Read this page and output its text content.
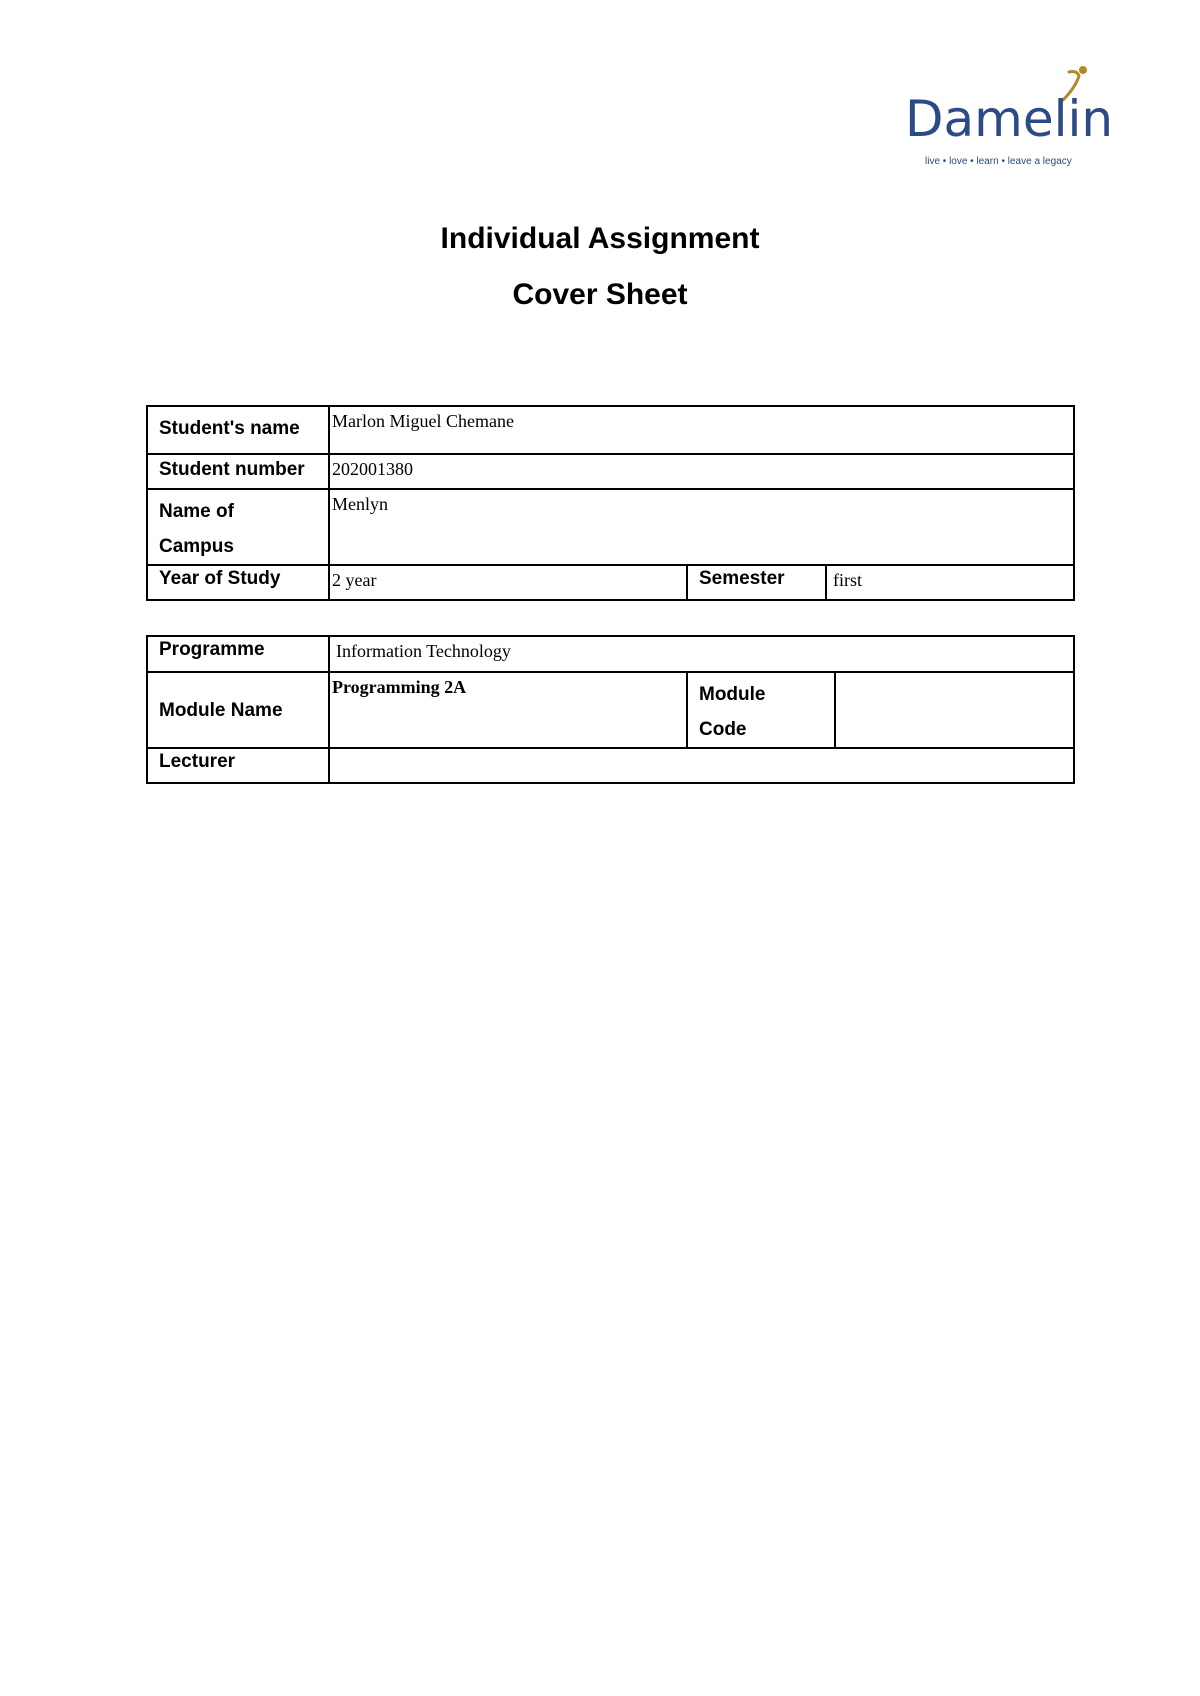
Damelin
live • love • learn • leave a legacy
Individual Assignment
Cover Sheet
Student's name	Marlon Miguel Chemane		
Student number	202001380		

Name of
Campus	Menlyn		
Year of Study	2 year	Semester	first
Programme	Information Technology		
Module Name	Programming 2A	Module
Code	

Lecturer			
